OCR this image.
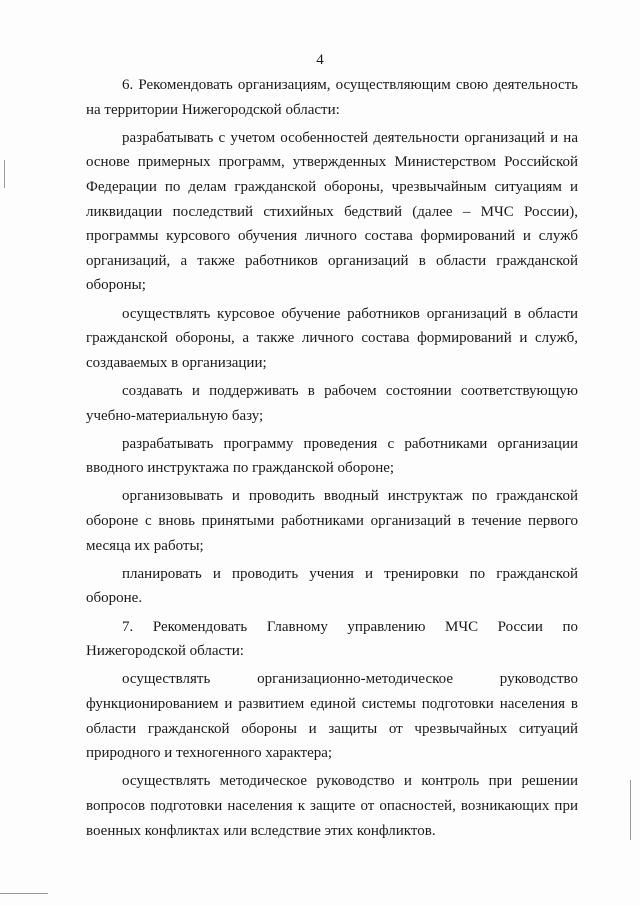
4

6. Рекомендовать организациям, осуществляющим свою деятельность на территории Нижегородской области:

разрабатывать с учетом особенностей деятельности организаций и на основе примерных программ, утвержденных Министерством Российской Федерации по делам гражданской обороны, чрезвычайным ситуациям и ликвидации последствий стихийных бедствий (далее – МЧС России), программы курсового обучения личного состава формирований и служб организаций, а также работников организаций в области гражданской обороны;

осуществлять курсовое обучение работников организаций в области гражданской обороны, а также личного состава формирований и служб, создаваемых в организации;

создавать и поддерживать в рабочем состоянии соответствующую учебно-материальную базу;

разрабатывать программу проведения с работниками организации вводного инструктажа по гражданской обороне;

организовывать и проводить вводный инструктаж по гражданской обороне с вновь принятыми работниками организаций в течение первого месяца их работы;

планировать и проводить учения и тренировки по гражданской обороне.

7. Рекомендовать Главному управлению МЧС России по Нижегородской области:

осуществлять организационно-методическое руководство функционированием и развитием единой системы подготовки населения в области гражданской обороны и защиты от чрезвычайных ситуаций природного и техногенного характера;

осуществлять методическое руководство и контроль при решении вопросов подготовки населения к защите от опасностей, возникающих при военных конфликтах или вследствие этих конфликтов.
